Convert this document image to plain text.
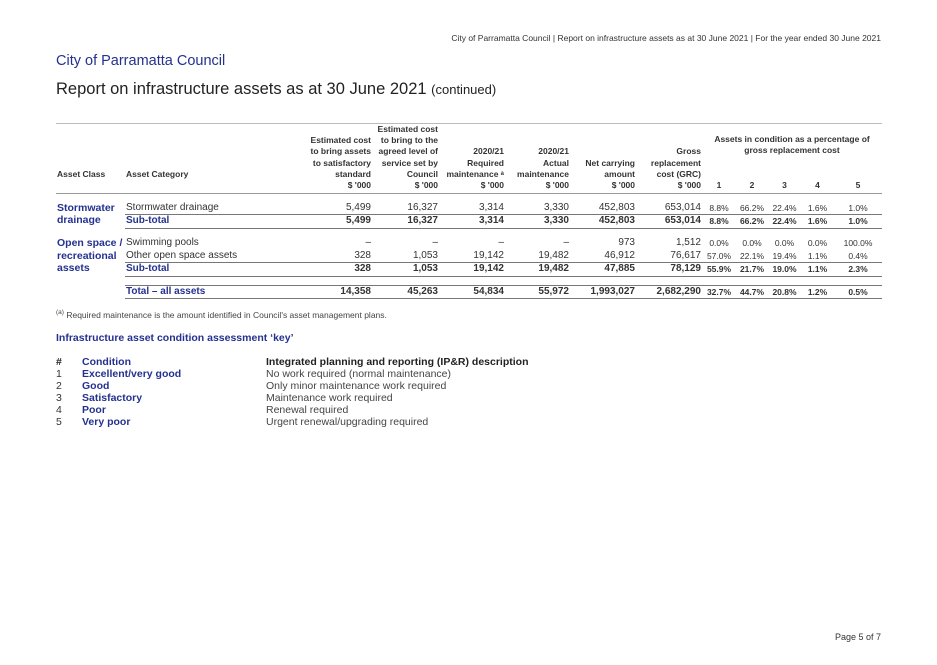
City of Parramatta Council | Report on infrastructure assets as at 30 June 2021 | For the year ended 30 June 2021
City of Parramatta Council
Report on infrastructure assets as at 30 June 2021 (continued)
Asset Class	Asset Category	Estimated cost
to bring assets
to satisfactory
standard	Estimated cost
to bring to the
agreed level of
service set by
Council	2020/21
Required
maintenance ᵃ	2020/21
Actual
maintenance	Net carrying
amount	Gross
replacement
cost (GRC)	Assets in condition as a percentage of gross replacement cost				
		$ '000	$ '000	$ '000	$ '000	$ '000	$ '000	1	2	3	4	5

Stormwater
drainage	Stormwater drainage	5,499	16,327	3,314	3,330	452,803	653,014	8.8%	66.2%	22.4%	1.6%	1.0%
	Sub-total	5,499	16,327	3,314	3,330	452,803	653,014	8.8%	66.2%	22.4%	1.6%	1.0%

Open space /
recreational
assets	Swimming pools	–	–	–	–	973	1,512	0.0%	0.0%	0.0%	0.0%	100.0%
	Other open space assets	328	1,053	19,142	19,482	46,912	76,617	57.0%	22.1%	19.4%	1.1%	0.4%
	Sub-total	328	1,053	19,142	19,482	47,885	78,129	55.9%	21.7%	19.0%	1.1%	2.3%

	Total – all assets	14,358	45,263	54,834	55,972	1,993,027	2,682,290	32.7%	44.7%	20.8%	1.2%	0.5%
$^{(a)}$ Required maintenance is the amount identified in Council's asset management plans.
Infrastructure asset condition assessment ‘key’
#	Condition	Integrated planning and reporting (IP&R) description
1	Excellent/very good	No work required (normal maintenance)
2	Good	Only minor maintenance work required
3	Satisfactory	Maintenance work required
4	Poor	Renewal required
5	Very poor	Urgent renewal/upgrading required
Page 5 of 7
